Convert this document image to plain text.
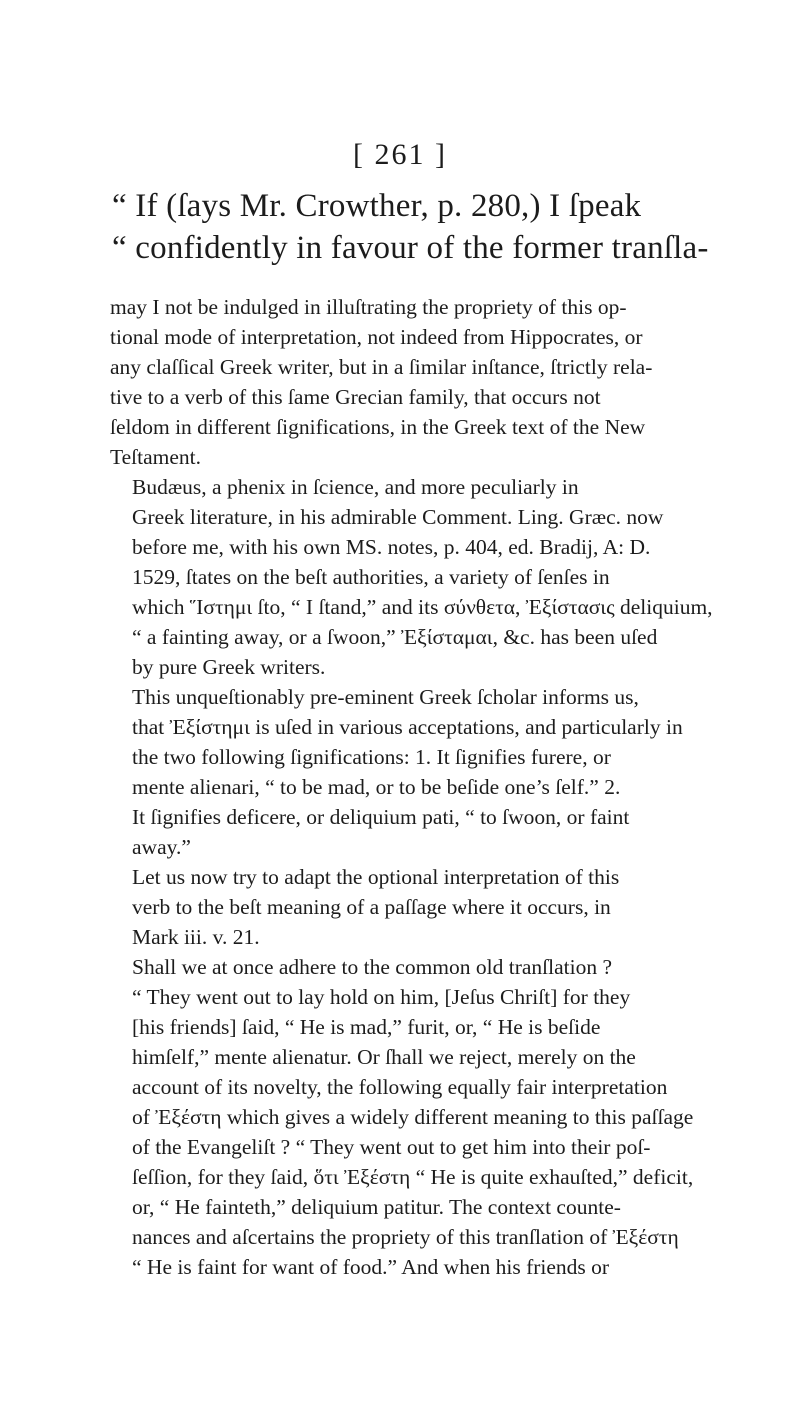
[ 261 ]
“ If (ſays Mr. Crowther, p. 280,) I ſpeak
“ confidently in favour of the former tranſla-

may I not be indulged in illuſtrating the propriety of this op-
tional mode of interpretation, not indeed from Hippocrates, or
any claſſical Greek writer, but in a ſimilar inſtance, ſtrictly rela-
tive to a verb of this ſame Grecian family, that occurs not
ſeldom in different ſignifications, in the Greek text of the New
Teſtament.

Budæus, a phenix in ſcience, and more peculiarly in
Greek literature, in his admirable Comment. Ling. Græc. now
before me, with his own MS. notes, p. 404, ed. Bradij, A: D.
1529, ſtates on the beſt authorities, a variety of ſenſes in
which Ἵστημι ſto, “ I ſtand,” and its σύνθετα, Ἐξίστασις deliquium,
“ a fainting away, or a ſwoon,” Ἐξίσταμαι, &c. has been uſed
by pure Greek writers.

This unqueſtionably pre-eminent Greek ſcholar informs us,
that Ἐξίστημι is uſed in various acceptations, and particularly in
the two following ſignifications: 1. It ſignifies furere, or
mente alienari, “ to be mad, or to be beſide one’s ſelf.” 2.
It ſignifies deficere, or deliquium pati, “ to ſwoon, or faint
away.”

Let us now try to adapt the optional interpretation of this
verb to the beſt meaning of a paſſage where it occurs, in
Mark iii. v. 21.

Shall we at once adhere to the common old tranſlation ?
“ They went out to lay hold on him, [Jeſus Chriſt] for they
[his friends] ſaid, “ He is mad,” furit, or, “ He is beſide
himſelf,” mente alienatur. Or ſhall we reject, merely on the
account of its novelty, the following equally fair interpretation
of Ἐξέστη which gives a widely different meaning to this paſſage
of the Evangeliſt ? “ They went out to get him into their poſ-
ſeſſion, for they ſaid, ὅτι Ἐξέστη “ He is quite exhauſted,” deficit,
or, “ He fainteth,” deliquium patitur. The context counte-
nances and aſcertains the propriety of this tranſlation of Ἐξέστη
“ He is faint for want of food.” And when his friends or
